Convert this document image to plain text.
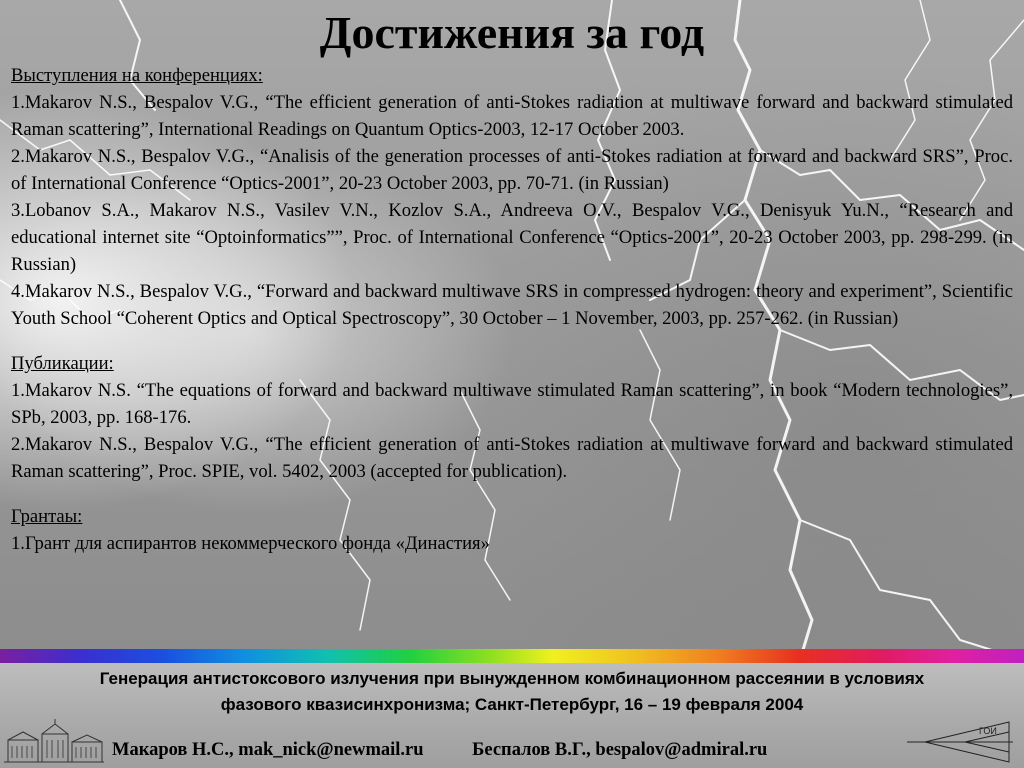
Достижения за год
Выступления на конференциях:

1.Makarov N.S., Bespalov V.G., “The efficient generation of anti-Stokes radiation at multiwave forward and backward stimulated Raman scattering”, International Readings on Quantum Optics-2003, 12-17 October 2003.

2.Makarov N.S., Bespalov V.G., “Analisis of the generation processes of anti-Stokes radiation at forward and backward SRS”, Proc. of International Conference “Optics-2001”, 20-23 October 2003, pp. 70-71. (in Russian)

3.Lobanov S.A., Makarov N.S., Vasilev V.N., Kozlov S.A., Andreeva O.V., Bespalov V.G., Denisyuk Yu.N., “Research and educational internet site “Optoinformatics””, Proc. of International Conference “Optics-2001”, 20-23 October 2003, pp. 298-299. (in Russian)

4.Makarov N.S., Bespalov V.G., “Forward and backward multiwave SRS in compressed hydrogen: theory and experiment”, Scientific Youth School “Coherent Optics and Optical Spectroscopy”, 30 October – 1 November, 2003, pp. 257-262. (in Russian)

Публикации:

1.Makarov N.S. “The equations of forward and backward multiwave stimulated Raman scattering”, in book “Modern technologies”, SPb, 2003, pp. 168-176.

2.Makarov N.S., Bespalov V.G., “The efficient generation of anti-Stokes radiation at multiwave forward and backward stimulated Raman scattering”, Proc. SPIE, vol. 5402, 2003 (accepted for publication).

Грантаы:

1.Грант для аспирантов некоммерческого фонда «Династия»

Генерация антистоксового излучения при вынужденном комбинационном рассеянии в условиях
фазового квазисинхронизма; Санкт-Петербург, 16 – 19 февраля 2004
Макаров Н.С., mak_nick@newmail.ru	Беспалов В.Г., bespalov@admiral.ru
ГОИ
